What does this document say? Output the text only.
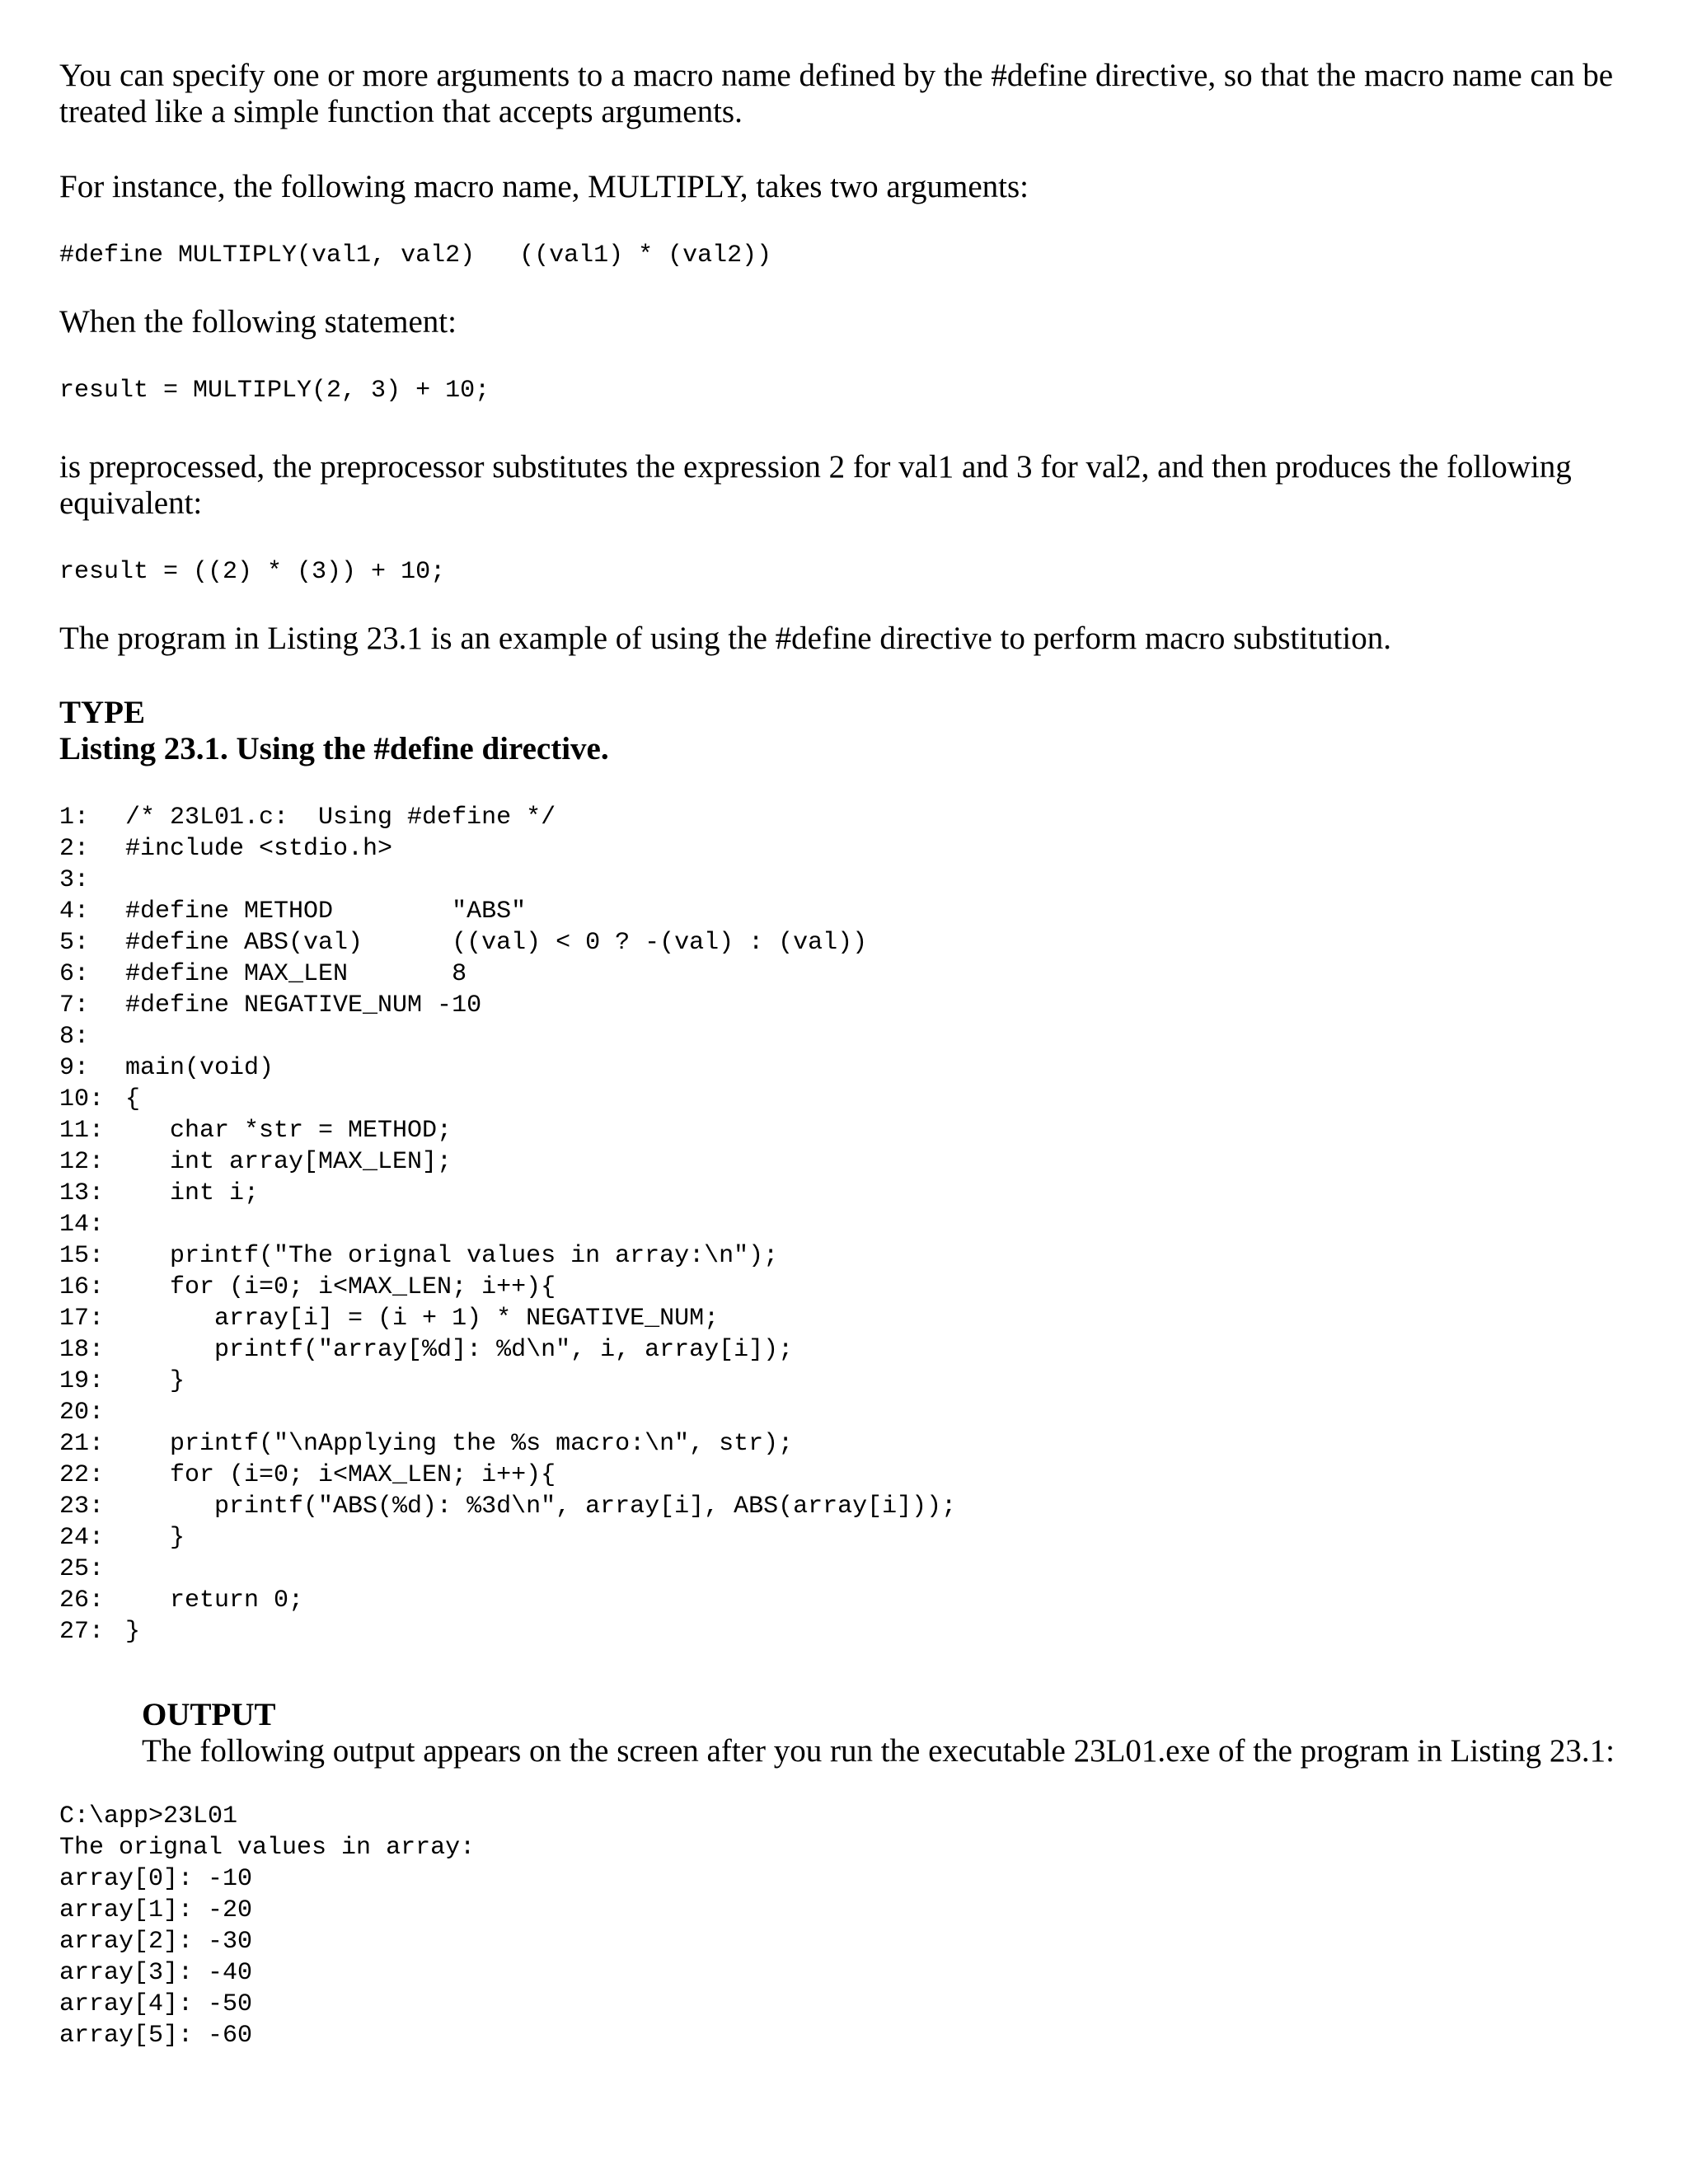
You can specify one or more arguments to a macro name defined by the #define directive, so that the macro name can be treated like a simple function that accepts arguments.

For instance, the following macro name, MULTIPLY, takes two arguments:

#define MULTIPLY(val1, val2)   ((val1) * (val2))

When the following statement:

result = MULTIPLY(2, 3) + 10;

is preprocessed, the preprocessor substitutes the expression 2 for val1 and 3 for val2, and then produces the following equivalent:

result = ((2) * (3)) + 10;

The program in Listing 23.1 is an example of using the #define directive to perform macro substitution.

TYPE

Listing 23.1. Using the #define directive.

1: /* 23L01.c:  Using #define */
2: #include <stdio.h>
3:
4: #define METHOD        "ABS"
5: #define ABS(val)      ((val) < 0 ? -(val) : (val))
6: #define MAX_LEN       8
7: #define NEGATIVE_NUM -10
8:
9: main(void)
10: {
11:   char *str = METHOD;
12:   int array[MAX_LEN];
13:   int i;
14:
15:   printf("The orignal values in array:\n");
16:   for (i=0; i<MAX_LEN; i++){
17:      array[i] = (i + 1) * NEGATIVE_NUM;
18:      printf("array[%d]: %d\n", i, array[i]);
19:   }
20:
21:   printf("\nApplying the %s macro:\n", str);
22:   for (i=0; i<MAX_LEN; i++){
23:      printf("ABS(%d): %3d\n", array[i], ABS(array[i]));
24:   }
25:
26:   return 0;
27: }

OUTPUT

The following output appears on the screen after you run the executable 23L01.exe of the program in Listing 23.1:

C:\app>23L01
The orignal values in array:
array[0]: -10
array[1]: -20
array[2]: -30
array[3]: -40
array[4]: -50
array[5]: -60
